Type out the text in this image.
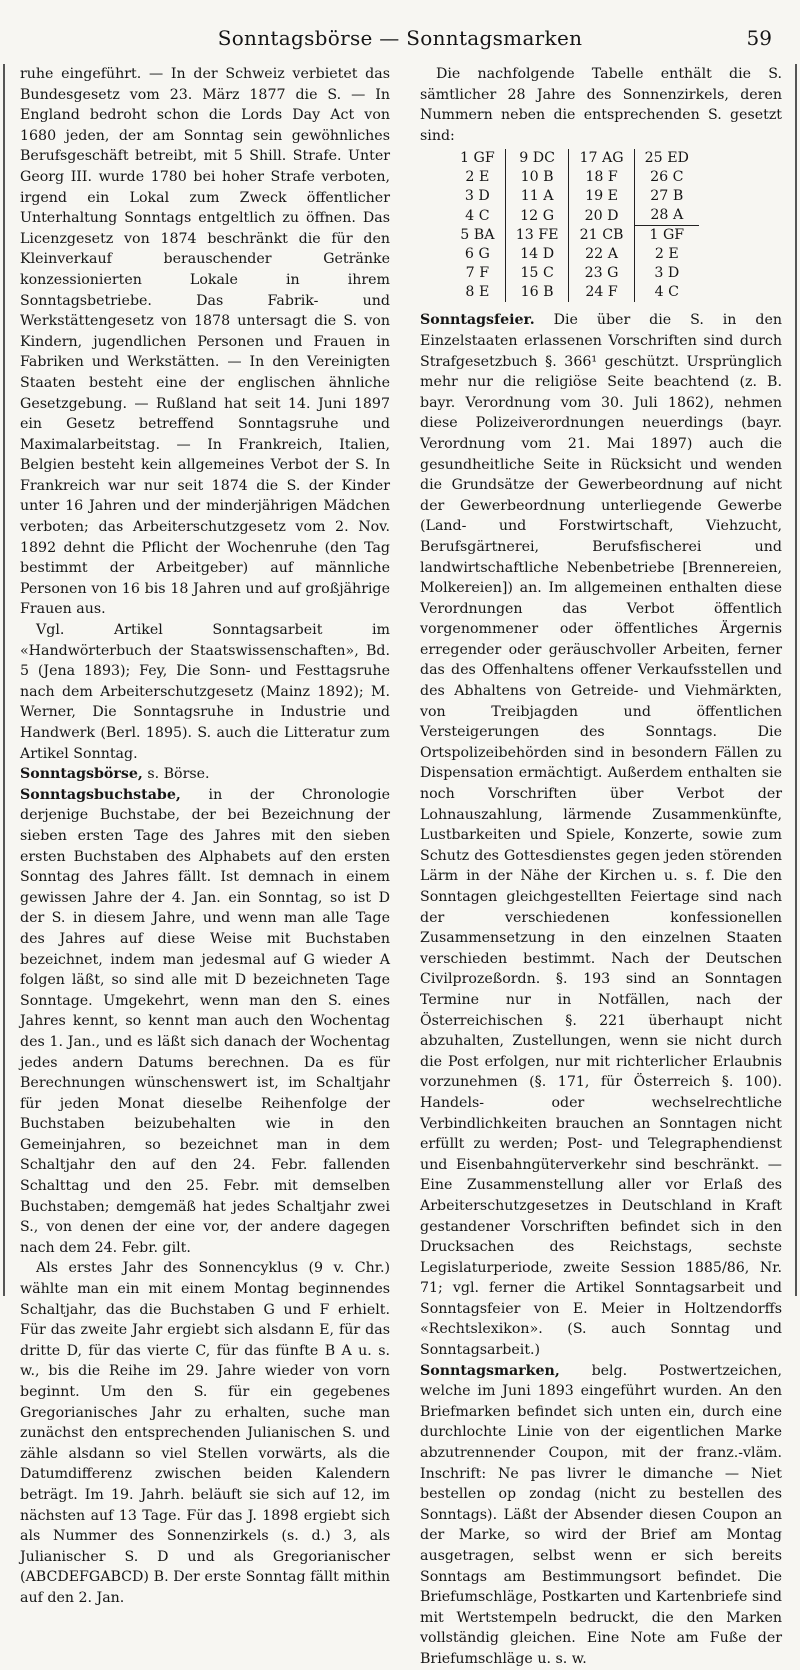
Sonntagsbörse — Sonntagsmarken	59

ruhe eingeführt. — In der Schweiz verbietet das Bundesgesetz vom 23. März 1877 die S. — In England bedroht schon die Lords Day Act von 1680 jeden, der am Sonntag sein gewöhnliches Berufsgeschäft betreibt, mit 5 Shill. Strafe. Unter Georg III. wurde 1780 bei hoher Strafe verboten, irgend ein Lokal zum Zweck öffentlicher Unterhaltung Sonntags entgeltlich zu öffnen. Das Licenzgesetz von 1874 beschränkt die für den Kleinverkauf berauschender Getränke konzessionierten Lokale in ihrem Sonntagsbetriebe. Das Fabrik- und Werkstättengesetz von 1878 untersagt die S. von Kindern, jugendlichen Personen und Frauen in Fabriken und Werkstätten. — In den Vereinigten Staaten besteht eine der englischen ähnliche Gesetzgebung. — Rußland hat seit 14. Juni 1897 ein Gesetz betreffend Sonntagsruhe und Maximalarbeitstag. — In Frankreich, Italien, Belgien besteht kein allgemeines Verbot der S. In Frankreich war nur seit 1874 die S. der Kinder unter 16 Jahren und der minderjährigen Mädchen verboten; das Arbeiterschutzgesetz vom 2. Nov. 1892 dehnt die Pflicht der Wochenruhe (den Tag bestimmt der Arbeitgeber) auf männliche Personen von 16 bis 18 Jahren und auf großjährige Frauen aus.

Vgl. Artikel Sonntagsarbeit im «Handwörterbuch der Staatswissenschaften», Bd. 5 (Jena 1893); Fey, Die Sonn- und Festtagsruhe nach dem Arbeiterschutzgesetz (Mainz 1892); M. Werner, Die Sonntagsruhe in Industrie und Handwerk (Berl. 1895). S. auch die Litteratur zum Artikel Sonntag.

Sonntagsbörse, s. Börse.

Sonntagsbuchstabe, in der Chronologie derjenige Buchstabe, der bei Bezeichnung der sieben ersten Tage des Jahres mit den sieben ersten Buchstaben des Alphabets auf den ersten Sonntag des Jahres fällt. Ist demnach in einem gewissen Jahre der 4. Jan. ein Sonntag, so ist D der S. in diesem Jahre, und wenn man alle Tage des Jahres auf diese Weise mit Buchstaben bezeichnet, indem man jedesmal auf G wieder A folgen läßt, so sind alle mit D bezeichneten Tage Sonntage. Umgekehrt, wenn man den S. eines Jahres kennt, so kennt man auch den Wochentag des 1. Jan., und es läßt sich danach der Wochentag jedes andern Datums berechnen. Da es für Berechnungen wünschenswert ist, im Schaltjahr für jeden Monat dieselbe Reihenfolge der Buchstaben beizubehalten wie in den Gemeinjahren, so bezeichnet man in dem Schaltjahr den auf den 24. Febr. fallenden Schalttag und den 25. Febr. mit demselben Buchstaben; demgemäß hat jedes Schaltjahr zwei S., von denen der eine vor, der andere dagegen nach dem 24. Febr. gilt.

Als erstes Jahr des Sonnencyklus (9 v. Chr.) wählte man ein mit einem Montag beginnendes Schaltjahr, das die Buchstaben G und F erhielt. Für das zweite Jahr ergiebt sich alsdann E, für das dritte D, für das vierte C, für das fünfte B A u. s. w., bis die Reihe im 29. Jahre wieder von vorn beginnt. Um den S. für ein gegebenes Gregorianisches Jahr zu erhalten, suche man zunächst den entsprechenden Julianischen S. und zähle alsdann so viel Stellen vorwärts, als die Datumdifferenz zwischen beiden Kalendern beträgt. Im 19. Jahrh. beläuft sie sich auf 12, im nächsten auf 13 Tage. Für das J. 1898 ergiebt sich als Nummer des Sonnenzirkels (s. d.) 3, als Julianischer S. D und als Gregorianischer (ABCDEFGABCD) B. Der erste Sonntag fällt mithin auf den 2. Jan.

Die nachfolgende Tabelle enthält die S. sämtlicher 28 Jahre des Sonnenzirkels, deren Nummern neben die entsprechenden S. gesetzt sind:

1 GF	9 DC	17 AG	25 ED
2 E	10 B	18 F	26 C
3 D	11 A	19 E	27 B
4 C	12 G	20 D	28 A
5 BA	13 FE	21 CB	1 GF
6 G	14 D	22 A	2 E
7 F	15 C	23 G	3 D
8 E	16 B	24 F	4 C

Sonntagsfeier. Die über die S. in den Einzelstaaten erlassenen Vorschriften sind durch Strafgesetzbuch §. 366¹ geschützt. Ursprünglich mehr nur die religiöse Seite beachtend (z. B. bayr. Verordnung vom 30. Juli 1862), nehmen diese Polizeiverordnungen neuerdings (bayr. Verordnung vom 21. Mai 1897) auch die gesundheitliche Seite in Rücksicht und wenden die Grundsätze der Gewerbeordnung auf nicht der Gewerbeordnung unterliegende Gewerbe (Land- und Forstwirtschaft, Viehzucht, Berufsgärtnerei, Berufsfischerei und landwirtschaftliche Nebenbetriebe [Brennereien, Molkereien]) an. Im allgemeinen enthalten diese Verordnungen das Verbot öffentlich vorgenommener oder öffentliches Ärgernis erregender oder geräuschvoller Arbeiten, ferner das des Offenhaltens offener Verkaufsstellen und des Abhaltens von Getreide- und Viehmärkten, von Treibjagden und öffentlichen Versteigerungen des Sonntags. Die Ortspolizeibehörden sind in besondern Fällen zu Dispensation ermächtigt. Außerdem enthalten sie noch Vorschriften über Verbot der Lohnauszahlung, lärmende Zusammenkünfte, Lustbarkeiten und Spiele, Konzerte, sowie zum Schutz des Gottesdienstes gegen jeden störenden Lärm in der Nähe der Kirchen u. s. f. Die den Sonntagen gleichgestellten Feiertage sind nach der verschiedenen konfessionellen Zusammensetzung in den einzelnen Staaten verschieden bestimmt. Nach der Deutschen Civilprozeßordn. §. 193 sind an Sonntagen Termine nur in Notfällen, nach der Österreichischen §. 221 überhaupt nicht abzuhalten, Zustellungen, wenn sie nicht durch die Post erfolgen, nur mit richterlicher Erlaubnis vorzunehmen (§. 171, für Österreich §. 100). Handels- oder wechselrechtliche Verbindlichkeiten brauchen an Sonntagen nicht erfüllt zu werden; Post- und Telegraphendienst und Eisenbahngüterverkehr sind beschränkt. — Eine Zusammenstellung aller vor Erlaß des Arbeiterschutzgesetzes in Deutschland in Kraft gestandener Vorschriften befindet sich in den Drucksachen des Reichstags, sechste Legislaturperiode, zweite Session 1885/86, Nr. 71; vgl. ferner die Artikel Sonntagsarbeit und Sonntagsfeier von E. Meier in Holtzendorffs «Rechtslexikon». (S. auch Sonntag und Sonntagsarbeit.)

Sonntagsmarken, belg. Postwertzeichen, welche im Juni 1893 eingeführt wurden. An den Briefmarken befindet sich unten ein, durch eine durchlochte Linie von der eigentlichen Marke abzutrennender Coupon, mit der franz.-vläm. Inschrift: Ne pas livrer le dimanche — Niet bestellen op zondag (nicht zu bestellen des Sonntags). Läßt der Absender diesen Coupon an der Marke, so wird der Brief am Montag ausgetragen, selbst wenn er sich bereits Sonntags am Bestimmungsort befindet. Die Briefumschläge, Postkarten und Kartenbriefe sind mit Wertstempeln bedruckt, die den Marken vollständig gleichen. Eine Note am Fuße der Briefumschläge u. s. w.
